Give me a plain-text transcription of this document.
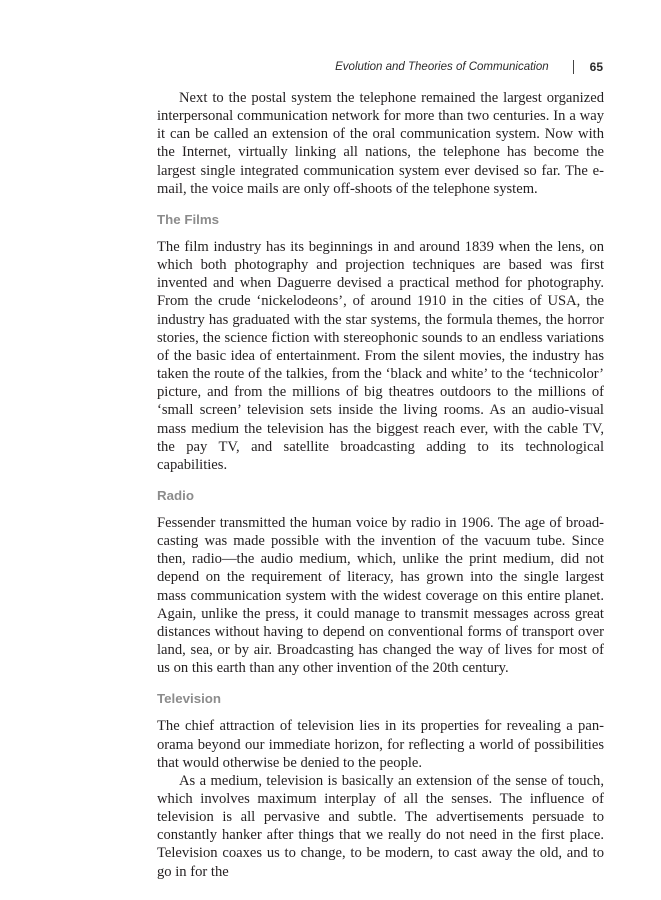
Evolution and Theories of Communication	65

Next to the postal system the telephone remained the largest organized interpersonal communication network for more than two centuries. In a way it can be called an extension of the oral communication system. Now with the Internet, virtually linking all nations, the telephone has become the largest single integrated communication system ever devised so far. The e-mail, the voice mails are only off-shoots of the telephone system.

The Films

The film industry has its beginnings in and around 1839 when the lens, on which both photography and projection techniques are based was first invented and when Daguerre devised a practical method for photography. From the crude ‘nickelodeons’, of around 1910 in the cities of USA, the industry has graduated with the star systems, the formula themes, the horror stories, the science fiction with stereophonic sounds to an endless variations of the basic idea of entertainment. From the silent movies, the industry has taken the route of the talkies, from the ‘black and white’ to the ‘technicolor’ picture, and from the millions of big theatres outdoors to the millions of ‘small screen’ television sets inside the living rooms. As an audio-visual mass medium the television has the biggest reach ever, with the cable TV, the pay TV, and satellite broadcasting adding to its technological capabilities.

Radio

Fessender transmitted the human voice by radio in 1906. The age of broadcasting was made possible with the invention of the vacuum tube. Since then, radio—the audio medium, which, unlike the print medium, did not depend on the requirement of literacy, has grown into the single largest mass communication system with the widest coverage on this entire planet. Again, unlike the press, it could manage to transmit messages across great distances without having to depend on conventional forms of transport over land, sea, or by air. Broadcasting has changed the way of lives for most of us on this earth than any other invention of the 20th century.

Television

The chief attraction of television lies in its properties for revealing a panorama beyond our immediate horizon, for reflecting a world of possibilities that would otherwise be denied to the people.

As a medium, television is basically an extension of the sense of touch, which involves maximum interplay of all the senses. The influence of television is all pervasive and subtle. The advertisements persuade to constantly hanker after things that we really do not need in the first place. Television coaxes us to change, to be modern, to cast away the old, and to go in for the
